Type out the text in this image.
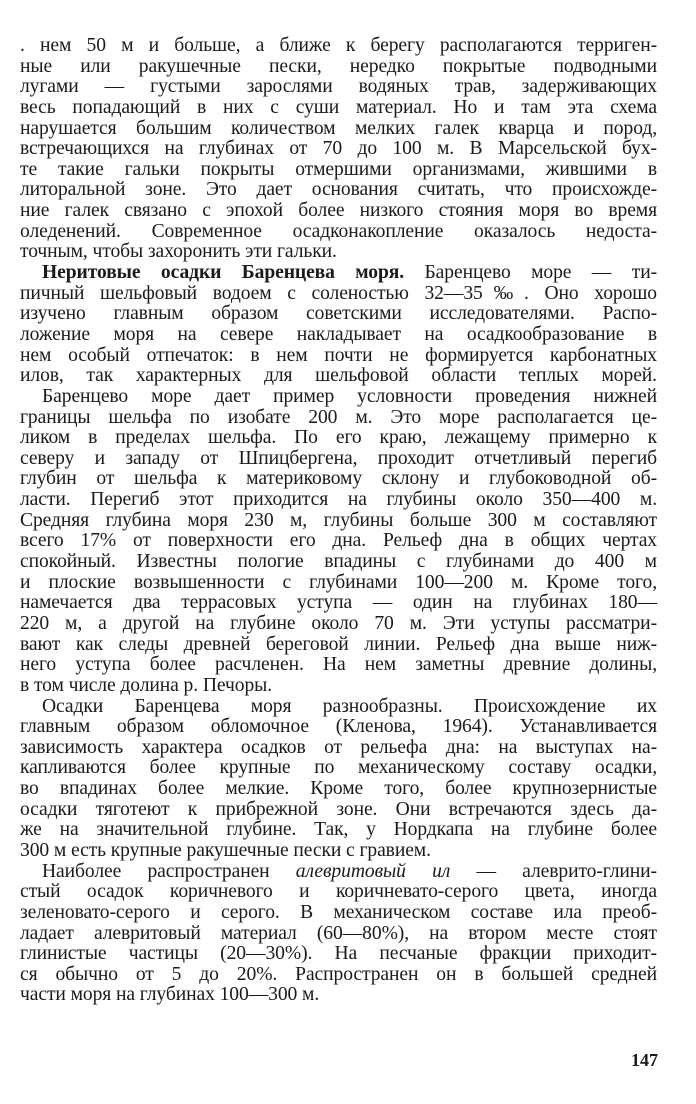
. нем 50 м и больше, а ближе к берегу располагаются терриген-
ные или ракушечные пески, нередко покрытые подводными
лугами — густыми зарослями водяных трав, задерживающих
весь попадающий в них с суши материал. Но и там эта схема
нарушается большим количеством мелких галек кварца и пород,
встречающихся на глубинах от 70 до 100 м. В Марсельской бух-
те такие гальки покрыты отмершими организмами, жившими в
литоральной зоне. Это дает основания считать, что происхожде-
ние галек связано с эпохой более низкого стояния моря во время
оледенений. Современное осадконакопление оказалось недоста-
точным, чтобы захоронить эти гальки.
Неритовые осадки Баренцева моря. Баренцево море — ти-
пичный шельфовый водоем с соленостью 32—35‰. Оно хорошо
изучено главным образом советскими исследователями. Распо-
ложение моря на севере накладывает на осадкообразование в
нем особый отпечаток: в нем почти не формируется карбонатных
илов, так характерных для шельфовой области теплых морей.
Баренцево море дает пример условности проведения нижней
границы шельфа по изобате 200 м. Это море располагается це-
ликом в пределах шельфа. По его краю, лежащему примерно к
северу и западу от Шпицбергена, проходит отчетливый перегиб
глубин от шельфа к материковому склону и глубоководной об-
ласти. Перегиб этот приходится на глубины около 350—400 м.
Средняя глубина моря 230 м, глубины больше 300 м составляют
всего 17% от поверхности его дна. Рельеф дна в общих чертах
спокойный. Известны пологие впадины с глубинами до 400 м
и плоские возвышенности с глубинами 100—200 м. Кроме того,
намечается два террасовых уступа — один на глубинах 180—
220 м, а другой на глубине около 70 м. Эти уступы рассматри-
вают как следы древней береговой линии. Рельеф дна выше ниж-
него уступа более расчленен. На нем заметны древние долины,
в том числе долина р. Печоры.
Осадки Баренцева моря разнообразны. Происхождение их
главным образом обломочное (Кленова, 1964). Устанавливается
зависимость характера осадков от рельефа дна: на выступах на-
капливаются более крупные по механическому составу осадки,
во впадинах более мелкие. Кроме того, более крупнозернистые
осадки тяготеют к прибрежной зоне. Они встречаются здесь да-
же на значительной глубине. Так, у Нордкапа на глубине более
300 м есть крупные ракушечные пески с гравием.
Наиболее распространен алевритовый ил — алеврито-глини-
стый осадок коричневого и коричневато-серого цвета, иногда
зеленовато-серого и серого. В механическом составе ила преоб-
ладает алевритовый материал (60—80%), на втором месте стоят
глинистые частицы (20—30%). На песчаные фракции приходит-
ся обычно от 5 до 20%. Распространен он в большей средней
части моря на глубинах 100—300 м.
147
